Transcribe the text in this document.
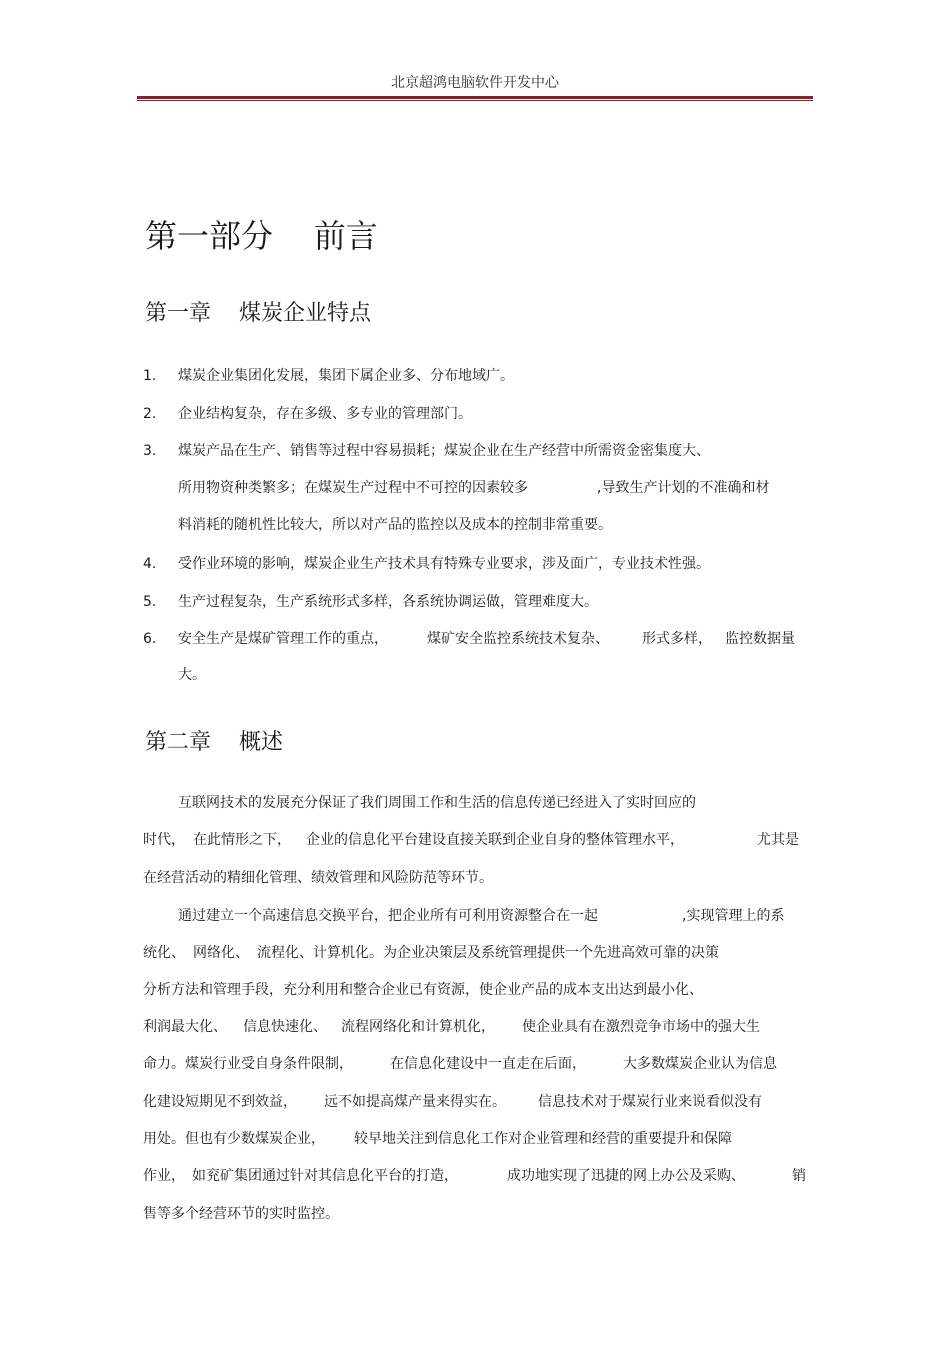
北京超鸿电脑软件开发中心
第一部分    前言
第一章    煤炭企业特点
1. 煤炭企业集团化发展，集团下属企业多、分布地域广。
2. 企业结构复杂，存在多级、多专业的管理部门。
3. 煤炭产品在生产、销售等过程中容易损耗；煤炭企业在生产经营中所需资金密集度大、
所用物资种类繁多；在煤炭生产过程中不可控的因素较多	,导致生产计划的不准确和材
料消耗的随机性比较大，所以对产品的监控以及成本的控制非常重要。
4. 受作业环境的影响，煤炭企业生产技术具有特殊专业要求，涉及面广，专业技术性强。
5. 生产过程复杂，生产系统形式多样，各系统协调运做，管理难度大。
6. 安全生产是煤矿管理工作的重点，	煤矿安全监控系统技术复杂、 形式多样， 监控数据量
大。
第二章    概述
互联网技术的发展充分保证了我们周围工作和生活的信息传递已经进入了实时回应的
时代， 在此情形之下， 企业的信息化平台建设直接关联到企业自身的整体管理水平，	尤其是
在经营活动的精细化管理、绩效管理和风险防范等环节。
通过建立一个高速信息交换平台，把企业所有可利用资源整合在一起	,实现管理上的系
统化、 网络化、 流程化、计算机化。为企业决策层及系统管理提供一个先进高效可靠的决策
分析方法和管理手段，充分利用和整合企业已有资源，使企业产品的成本支出达到最小化、
利润最大化、 信息快速化、 流程网络化和计算机化， 使企业具有在激烈竞争市场中的强大生
命力。煤炭行业受自身条件限制，	在信息化建设中一直走在后面，	大多数煤炭企业认为信息
化建设短期见不到效益， 远不如提高煤产量来得实在。 信息技术对于煤炭行业来说看似没有
用处。但也有少数煤炭企业， 较早地关注到信息化工作对企业管理和经营的重要提升和保障
作业， 如兖矿集团通过针对其信息化平台的打造，	成功地实现了迅捷的网上办公及采购、	销
售等多个经营环节的实时监控。
